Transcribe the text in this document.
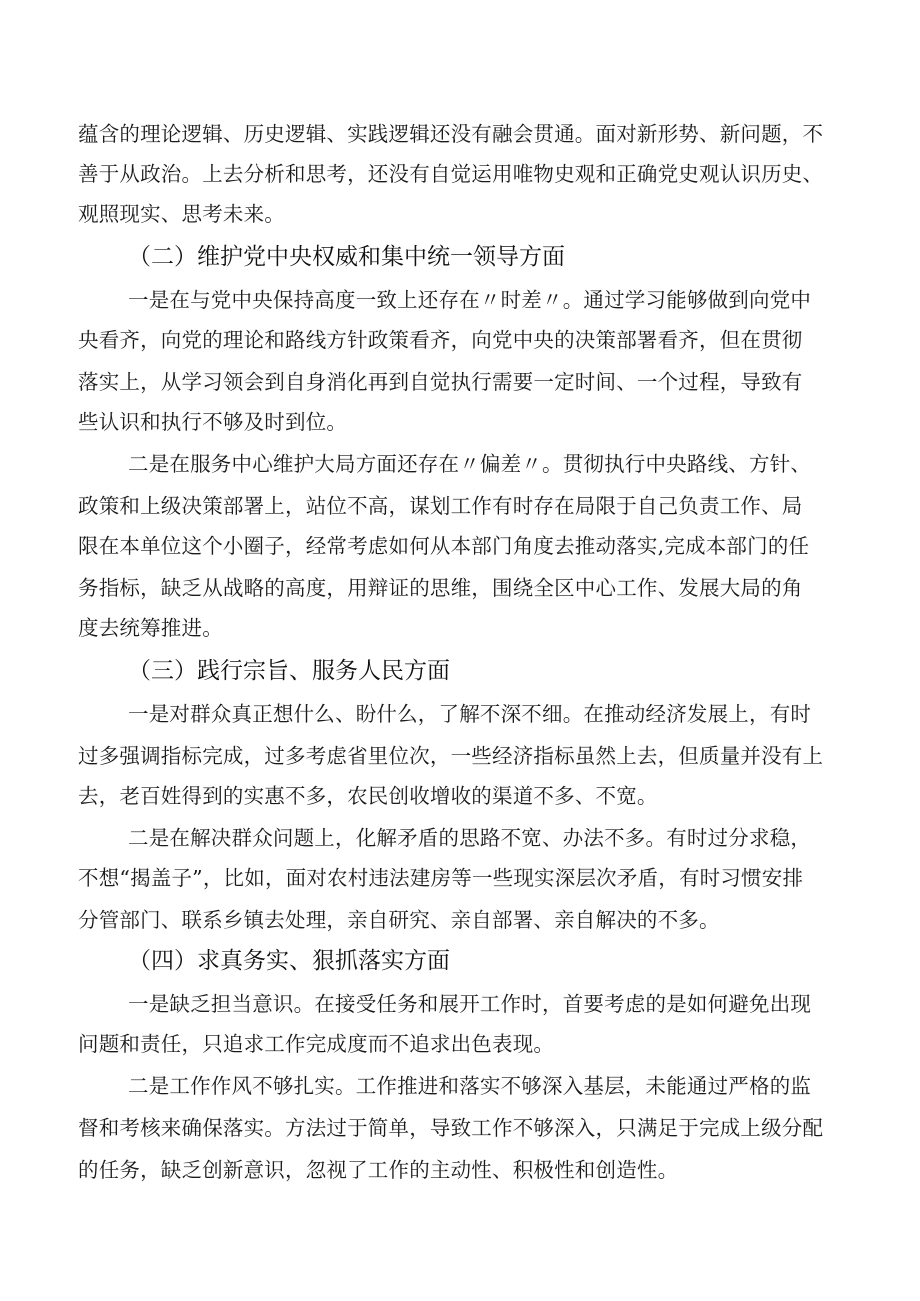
蕴含的理论逻辑、历史逻辑、实践逻辑还没有融会贯通。面对新形势、新问题，不
善于从政治。上去分析和思考，还没有自觉运用唯物史观和正确党史观认识历史、
观照现实、思考未来。
（二）维护党中央权威和集中统一领导方面
一是在与党中央保持高度一致上还存在〃时差〃。通过学习能够做到向党中
央看齐，向党的理论和路线方针政策看齐，向党中央的决策部署看齐，但在贯彻
落实上，从学习领会到自身消化再到自觉执行需要一定时间、一个过程，导致有
些认识和执行不够及时到位。
二是在服务中心维护大局方面还存在〃偏差〃。贯彻执行中央路线、方针、
政策和上级决策部署上，站位不高，谋划工作有时存在局限于自己负责工作、局
限在本单位这个小圈子，经常考虑如何从本部门角度去推动落实,完成本部门的任
务指标，缺乏从战略的高度，用辩证的思维，围绕全区中心工作、发展大局的角
度去统筹推进。
（三）践行宗旨、服务人民方面
一是对群众真正想什么、盼什么，了解不深不细。在推动经济发展上，有时
过多强调指标完成，过多考虑省里位次，一些经济指标虽然上去，但质量并没有上
去，老百姓得到的实惠不多，农民创收增收的渠道不多、不宽。
二是在解决群众问题上，化解矛盾的思路不宽、办法不多。有时过分求稳，
不想“揭盖子”，比如，面对农村违法建房等一些现实深层次矛盾，有时习惯安排
分管部门、联系乡镇去处理，亲自研究、亲自部署、亲自解决的不多。
（四）求真务实、狠抓落实方面
一是缺乏担当意识。在接受任务和展开工作时，首要考虑的是如何避免出现
问题和责任，只追求工作完成度而不追求出色表现。
二是工作作风不够扎实。工作推进和落实不够深入基层，未能通过严格的监
督和考核来确保落实。方法过于简单，导致工作不够深入，只满足于完成上级分配
的任务，缺乏创新意识，忽视了工作的主动性、积极性和创造性。
